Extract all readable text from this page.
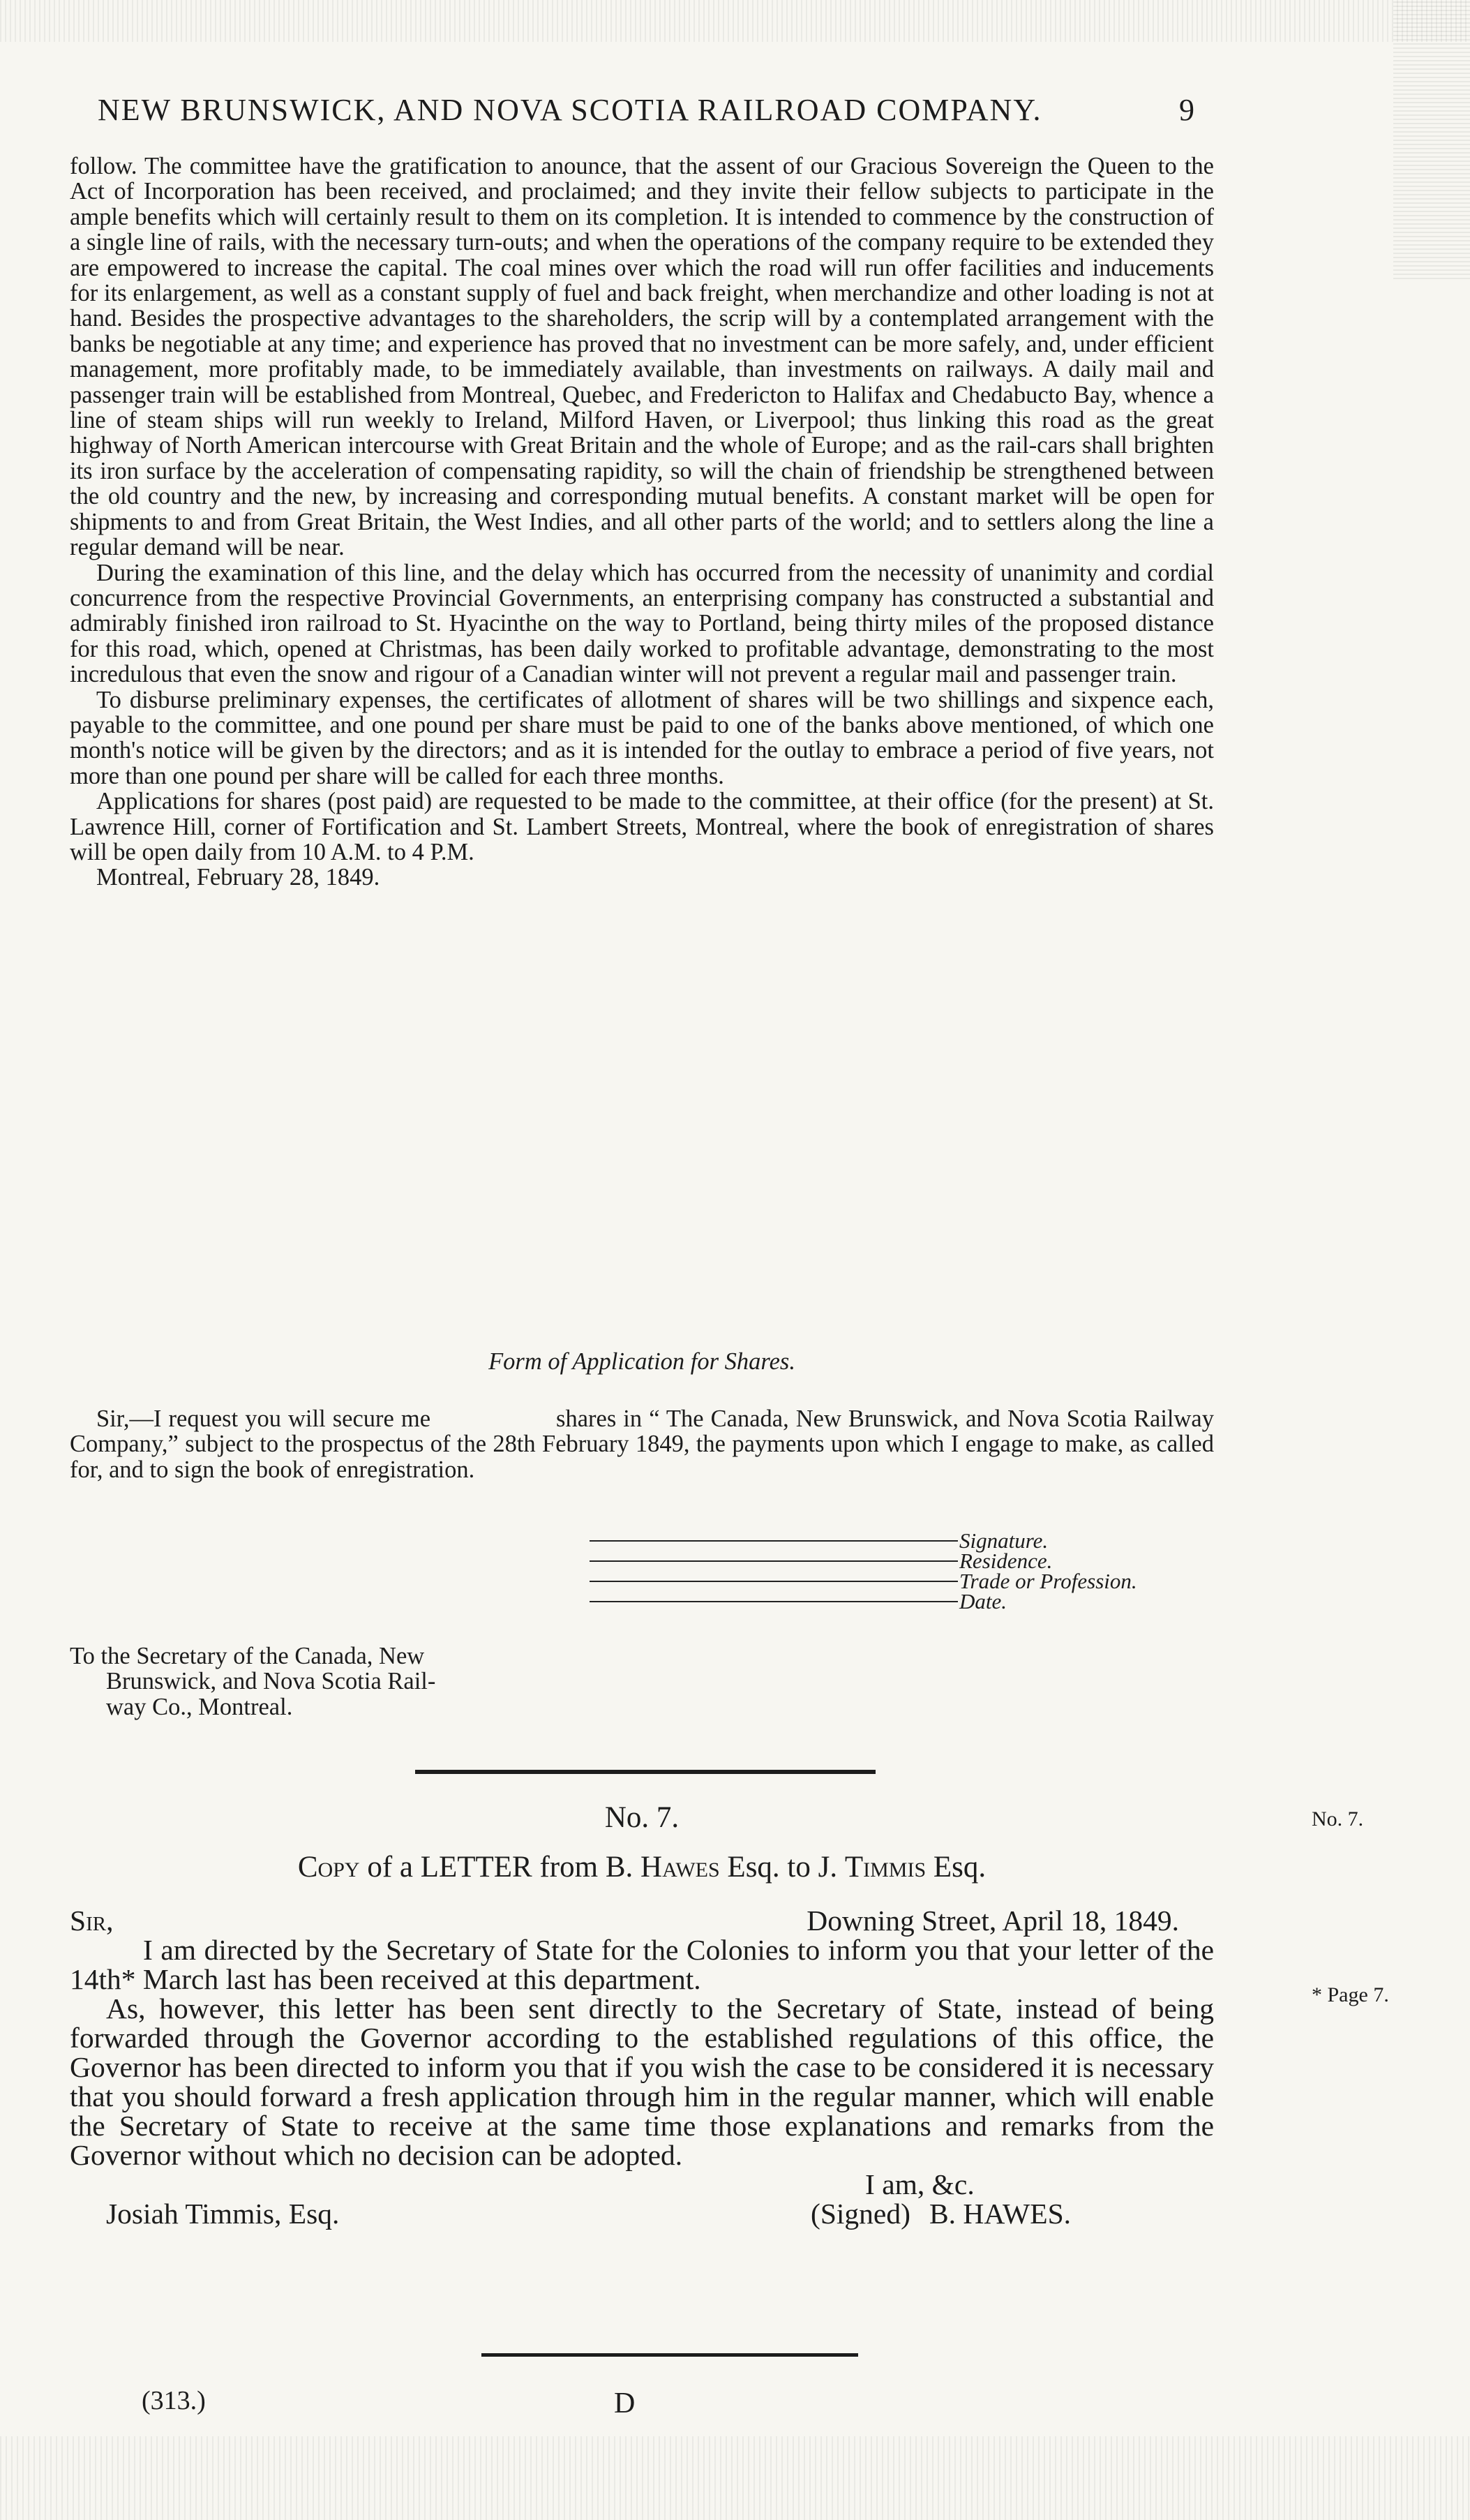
NEW BRUNSWICK, AND NOVA SCOTIA RAILROAD COMPANY.	9

follow. The committee have the gratification to anounce, that the assent of our Gracious Sovereign the Queen to the Act of Incorporation has been received, and proclaimed; and they invite their fellow subjects to participate in the ample benefits which will certainly result to them on its completion. It is intended to commence by the construction of a single line of rails, with the necessary turn-outs; and when the operations of the company require to be extended they are empowered to increase the capital. The coal mines over which the road will run offer facilities and inducements for its enlargement, as well as a constant supply of fuel and back freight, when merchandize and other loading is not at hand. Besides the prospective advantages to the shareholders, the scrip will by a contemplated arrangement with the banks be negotiable at any time; and experience has proved that no investment can be more safely, and, under efficient management, more profitably made, to be immediately available, than investments on railways. A daily mail and passenger train will be established from Montreal, Quebec, and Fredericton to Halifax and Chedabucto Bay, whence a line of steam ships will run weekly to Ireland, Milford Haven, or Liverpool; thus linking this road as the great highway of North American intercourse with Great Britain and the whole of Europe; and as the rail-cars shall brighten its iron surface by the acceleration of compensating rapidity, so will the chain of friendship be strengthened between the old country and the new, by increasing and corresponding mutual benefits. A constant market will be open for shipments to and from Great Britain, the West Indies, and all other parts of the world; and to settlers along the line a regular demand will be near.

During the examination of this line, and the delay which has occurred from the necessity of unanimity and cordial concurrence from the respective Provincial Governments, an enterprising company has constructed a substantial and admirably finished iron railroad to St. Hyacinthe on the way to Portland, being thirty miles of the proposed distance for this road, which, opened at Christmas, has been daily worked to profitable advantage, demonstrating to the most incredulous that even the snow and rigour of a Canadian winter will not prevent a regular mail and passenger train.

To disburse preliminary expenses, the certificates of allotment of shares will be two shillings and sixpence each, payable to the committee, and one pound per share must be paid to one of the banks above mentioned, of which one month's notice will be given by the directors; and as it is intended for the outlay to embrace a period of five years, not more than one pound per share will be called for each three months.

Applications for shares (post paid) are requested to be made to the committee, at their office (for the present) at St. Lawrence Hill, corner of Fortification and St. Lambert Streets, Montreal, where the book of enregistration of shares will be open daily from 10 A.M. to 4 P.M.

Montreal, February 28, 1849.
Form of Application for Shares.

Sir,—I request you will secure me	shares in “ The Canada, New Brunswick, and Nova Scotia Railway Company,” subject to the prospectus of the 28th February 1849, the payments upon which I engage to make, as called for, and to sign the book of enregistration.

Signature.
Residence.
Trade or Profession.
Date.
To the Secretary of the Canada, New
Brunswick, and Nova Scotia Rail-
way Co., Montreal.
No. 7.	No. 7.
Copy of a LETTER from B. Hawes Esq. to J. Timmis Esq.
Sir,	Downing Street, April 18, 1849.

I am directed by the Secretary of State for the Colonies to inform you that your letter of the 14th* March last has been received at this department.

As, however, this letter has been sent directly to the Secretary of State, instead of being forwarded through the Governor according to the established regulations of this office, the Governor has been directed to inform you that if you wish the case to be considered it is necessary that you should forward a fresh application through him in the regular manner, which will enable the Secretary of State to receive at the same time those explanations and remarks from the Governor without which no decision can be adopted.

I am, &c.
Josiah Timmis, Esq.	(Signed) B. HAWES.
* Page 7.
(313.)	D
